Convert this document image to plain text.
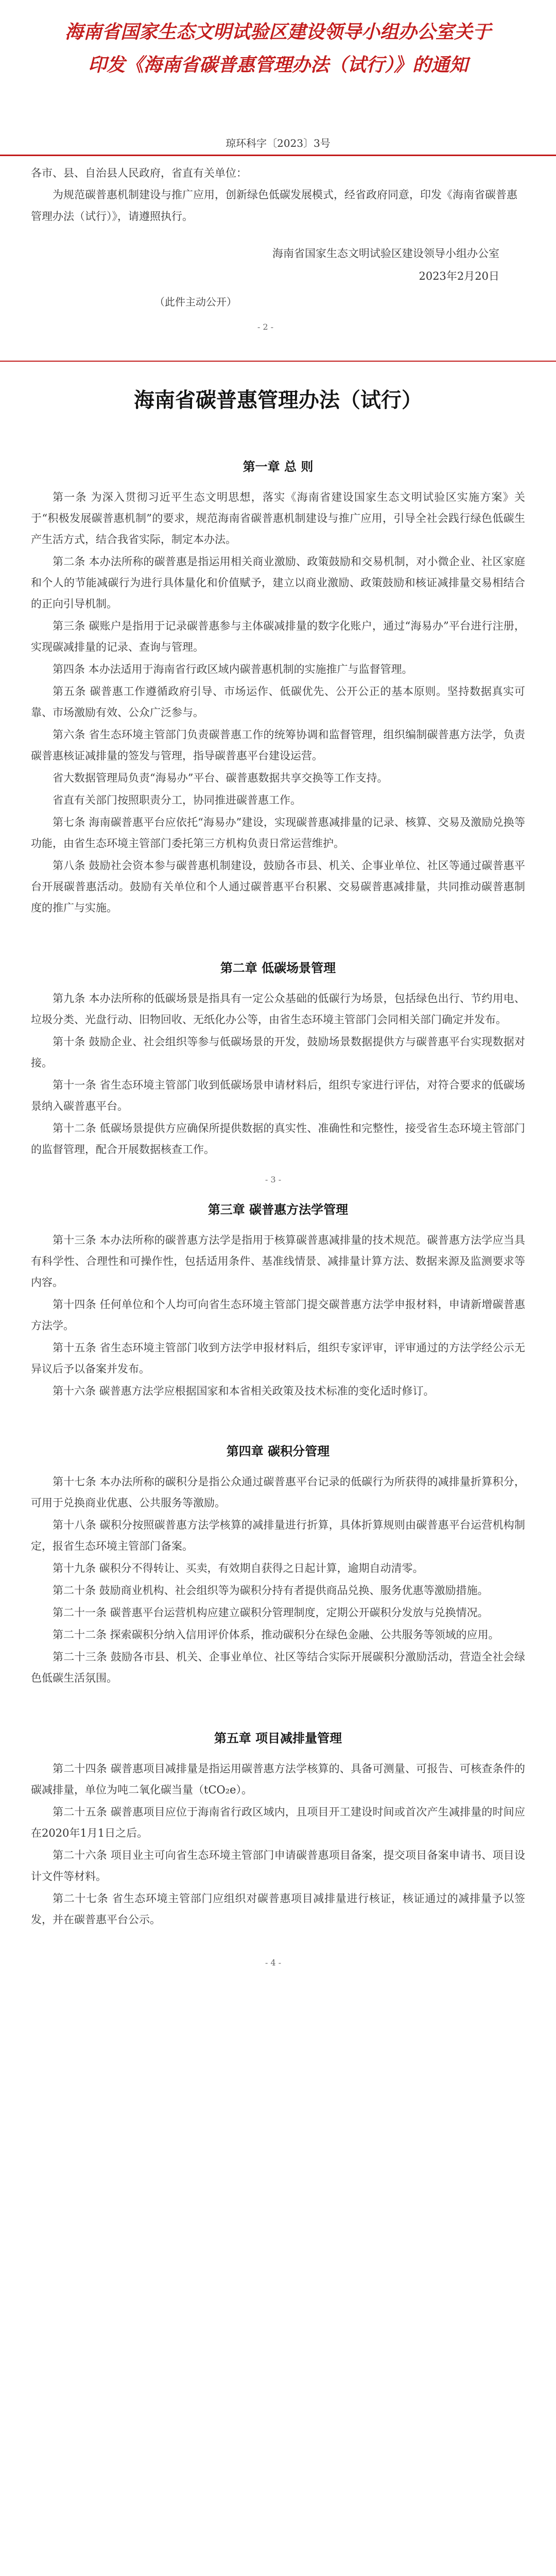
海南省国家生态文明试验区建设领导小组办公室关于印发《海南省碳普惠管理办法（试行）》的通知
琼环科字〔2023〕3号

各市、县、自治县人民政府，省直有关单位：

为规范碳普惠机制建设与推广应用，创新绿色低碳发展模式，经省政府同意，印发《海南省碳普惠管理办法（试行）》，请遵照执行。

海南省国家生态文明试验区建设领导小组办公室
2023年2月20日
（此件主动公开）
- 2 -
海南省碳普惠管理办法（试行）
第一章 总 则

第一条 为深入贯彻习近平生态文明思想，落实《海南省建设国家生态文明试验区实施方案》关于“积极发展碳普惠机制”的要求，规范海南省碳普惠机制建设与推广应用，引导全社会践行绿色低碳生产生活方式，结合我省实际，制定本办法。

第二条 本办法所称的碳普惠是指运用相关商业激励、政策鼓励和交易机制，对小微企业、社区家庭和个人的节能减碳行为进行具体量化和价值赋予，建立以商业激励、政策鼓励和核证减排量交易相结合的正向引导机制。

第三条 碳账户是指用于记录碳普惠参与主体碳减排量的数字化账户，通过“海易办”平台进行注册，实现碳减排量的记录、查询与管理。

第四条 本办法适用于海南省行政区域内碳普惠机制的实施推广与监督管理。

第五条 碳普惠工作遵循政府引导、市场运作、低碳优先、公开公正的基本原则。坚持数据真实可靠、市场激励有效、公众广泛参与。

第六条 省生态环境主管部门负责碳普惠工作的统筹协调和监督管理，组织编制碳普惠方法学，负责碳普惠核证减排量的签发与管理，指导碳普惠平台建设运营。

省大数据管理局负责“海易办”平台、碳普惠数据共享交换等工作支持。

省直有关部门按照职责分工，协同推进碳普惠工作。

第七条 海南碳普惠平台应依托“海易办”建设，实现碳普惠减排量的记录、核算、交易及激励兑换等功能，由省生态环境主管部门委托第三方机构负责日常运营维护。

第八条 鼓励社会资本参与碳普惠机制建设，鼓励各市县、机关、企事业单位、社区等通过碳普惠平台开展碳普惠活动。鼓励有关单位和个人通过碳普惠平台积累、交易碳普惠减排量，共同推动碳普惠制度的推广与实施。

第二章 低碳场景管理

第九条 本办法所称的低碳场景是指具有一定公众基础的低碳行为场景，包括绿色出行、节约用电、垃圾分类、光盘行动、旧物回收、无纸化办公等，由省生态环境主管部门会同相关部门确定并发布。

第十条 鼓励企业、社会组织等参与低碳场景的开发，鼓励场景数据提供方与碳普惠平台实现数据对接。

第十一条 省生态环境主管部门收到低碳场景申请材料后，组织专家进行评估，对符合要求的低碳场景纳入碳普惠平台。

第十二条 低碳场景提供方应确保所提供数据的真实性、准确性和完整性，接受省生态环境主管部门的监督管理，配合开展数据核查工作。

第三章 碳普惠方法学管理

第十三条 本办法所称的碳普惠方法学是指用于核算碳普惠减排量的技术规范。碳普惠方法学应当具有科学性、合理性和可操作性，包括适用条件、基准线情景、减排量计算方法、数据来源及监测要求等内容。

第十四条 任何单位和个人均可向省生态环境主管部门提交碳普惠方法学申报材料，申请新增碳普惠方法学。

第十五条 省生态环境主管部门收到方法学申报材料后，组织专家评审，评审通过的方法学经公示无异议后予以备案并发布。

第十六条 碳普惠方法学应根据国家和本省相关政策及技术标准的变化适时修订。

第四章 碳积分管理

第十七条 本办法所称的碳积分是指公众通过碳普惠平台记录的低碳行为所获得的减排量折算积分，可用于兑换商业优惠、公共服务等激励。

第十八条 碳积分按照碳普惠方法学核算的减排量进行折算，具体折算规则由碳普惠平台运营机构制定，报省生态环境主管部门备案。

第十九条 碳积分不得转让、买卖，有效期自获得之日起计算，逾期自动清零。

第二十条 鼓励商业机构、社会组织等为碳积分持有者提供商品兑换、服务优惠等激励措施。

第二十一条 碳普惠平台运营机构应建立碳积分管理制度，定期公开碳积分发放与兑换情况。

第二十二条 探索碳积分纳入信用评价体系，推动碳积分在绿色金融、公共服务等领域的应用。

第二十三条 鼓励各市县、机关、企事业单位、社区等结合实际开展碳积分激励活动，营造全社会绿色低碳生活氛围。

第五章 项目减排量管理

第二十四条 碳普惠项目减排量是指运用碳普惠方法学核算的、具备可测量、可报告、可核查条件的碳减排量，单位为吨二氧化碳当量（tCO₂e）。

第二十五条 碳普惠项目应位于海南省行政区域内，且项目开工建设时间或首次产生减排量的时间应在2020年1月1日之后。

第二十六条 项目业主可向省生态环境主管部门申请碳普惠项目备案，提交项目备案申请书、项目设计文件等材料。

第二十七条 省生态环境主管部门应组织对碳普惠项目减排量进行核证，核证通过的减排量予以签发，并在碳普惠平台公示。

- 3 -
- 4 -
